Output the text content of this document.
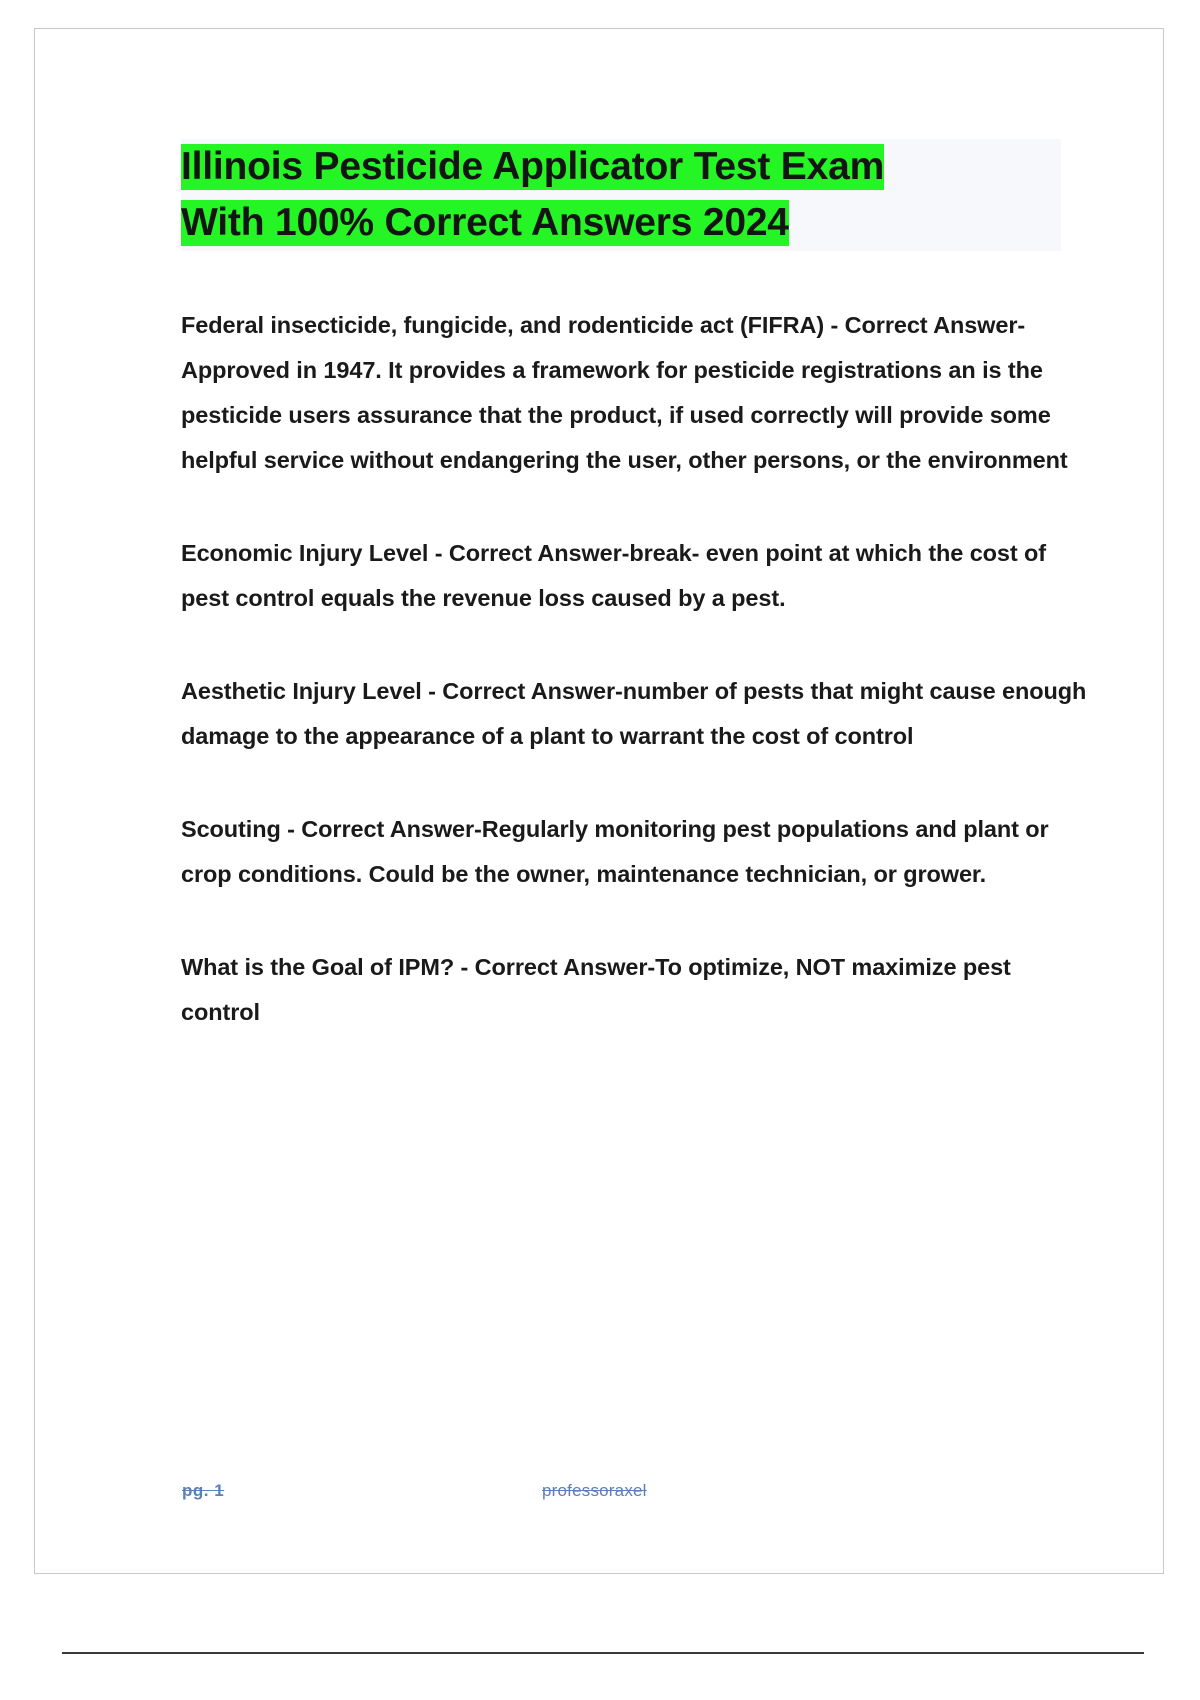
Illinois Pesticide Applicator Test Exam
With 100% Correct Answers 2024

Federal insecticide, fungicide, and rodenticide act (FIFRA) - Correct Answer-Approved in 1947. It provides a framework for pesticide registrations an is the pesticide users assurance that the product, if used correctly will provide some helpful service without endangering the user, other persons, or the environment

Economic Injury Level - Correct Answer-break- even point at which the cost of pest control equals the revenue loss caused by a pest.

Aesthetic Injury Level - Correct Answer-number of pests that might cause enough damage to the appearance of a plant to warrant the cost of control

Scouting - Correct Answer-Regularly monitoring pest populations and plant or crop conditions. Could be the owner, maintenance technician, or grower.

What is the Goal of IPM? - Correct Answer-To optimize, NOT maximize pest control

pg. 1	professoraxel
